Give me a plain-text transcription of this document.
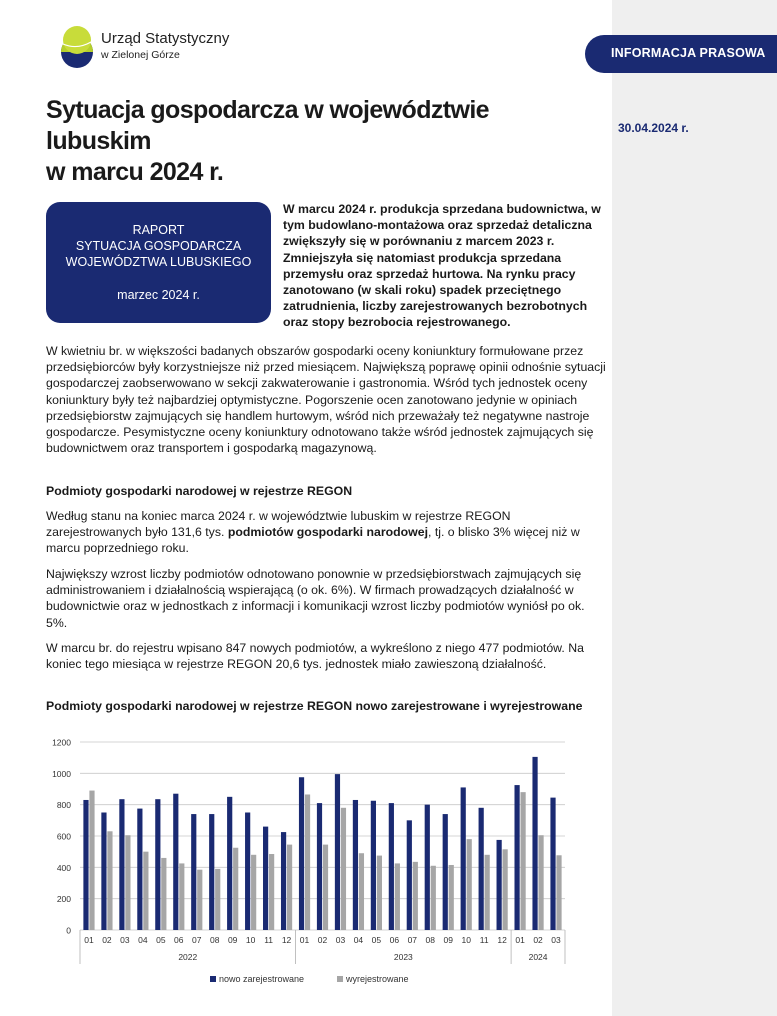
Urząd Statystyczny
w Zielonej Górze	INFORMACJA PRASOWA
30.04.2024 r.
Sytuacja gospodarcza w województwie lubuskim
w marcu 2024 r.
RAPORT
SYTUACJA GOSPODARCZA
WOJEWÓDZTWA LUBUSKIEGO
marzec 2024 r.

W marcu 2024 r. produkcja sprzedana budownictwa, w tym budowlano-montażowa oraz sprzedaż detaliczna zwiększyły się w porównaniu z marcem 2023 r. Zmniejszyła się natomiast produkcja sprzedana przemysłu oraz sprzedaż hurtowa. Na rynku pracy zanotowano (w skali roku) spadek przeciętnego zatrudnienia, liczby zarejestrowanych bezrobotnych oraz stopy bezrobocia rejestrowanego.

W kwietniu br. w większości badanych obszarów gospodarki oceny koniunktury formułowane przez przedsiębiorców były korzystniejsze niż przed miesiącem. Największą poprawę opinii odnośnie sytuacji gospodarczej zaobserwowano w sekcji zakwaterowanie i gastronomia. Wśród tych jednostek oceny koniunktury były też najbardziej optymistyczne. Pogorszenie ocen zanotowano jedynie w opiniach przedsiębiorstw zajmujących się handlem hurtowym, wśród nich przeważały też negatywne nastroje gospodarcze. Pesymistyczne oceny koniunktury odnotowano także wśród jednostek zajmujących się budownictwem oraz transportem i gospodarką magazynową.

Podmioty gospodarki narodowej w rejestrze REGON

Według stanu na koniec marca 2024 r. w województwie lubuskim w rejestrze REGON zarejestrowanych było 131,6 tys. podmiotów gospodarki narodowej, tj. o blisko 3% więcej niż w marcu poprzedniego roku.

Największy wzrost liczby podmiotów odnotowano ponownie w przedsiębiorstwach zajmujących się administrowaniem i działalnością wspierającą (o ok. 6%). W firmach prowadzących działalność w budownictwie oraz w jednostkach z informacji i komunikacji wzrost liczby podmiotów wyniósł po ok. 5%.

W marcu br. do rejestru wpisano 847 nowych podmiotów, a wykreślono z niego 477 podmiotów. Na koniec tego miesiąca w rejestrze REGON 20,6 tys. jednostek miało zawieszoną działalność.

Podmioty gospodarki narodowej w rejestrze REGON nowo zarejestrowane i wyrejestrowane

0
200
400
600
800
1000
1200
01 02 03 04 05 06 07 08 09 10 11 12 01 02 03 04 05 06 07 08 09 10 11 12 01 02 03
2022	2023	2024
nowo zarejestrowane	wyrejestrowane
